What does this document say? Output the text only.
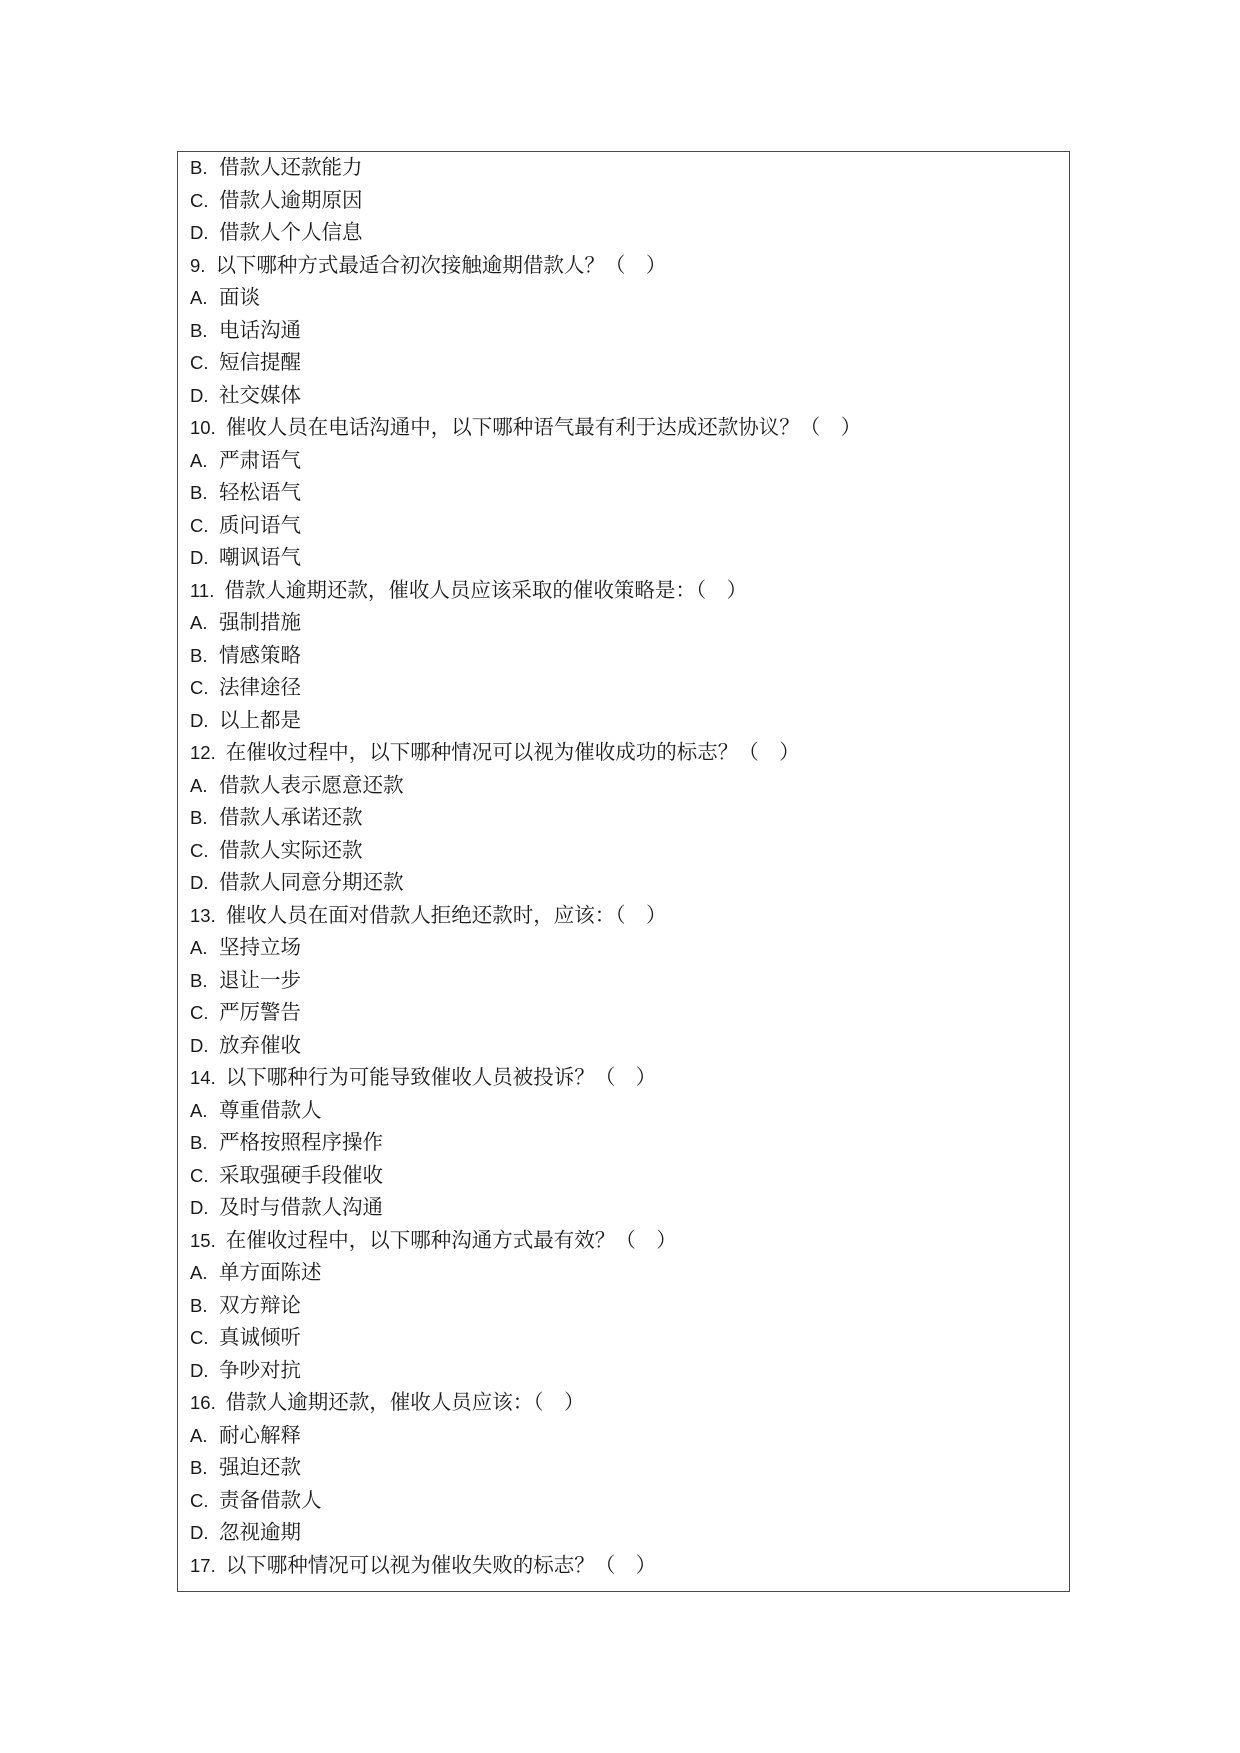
B. 借款人还款能力
C. 借款人逾期原因
D. 借款人个人信息
9. 以下哪种方式最适合初次接触逾期借款人？（　）
A. 面谈
B. 电话沟通
C. 短信提醒
D. 社交媒体
10. 催收人员在电话沟通中，以下哪种语气最有利于达成还款协议？（　）
A. 严肃语气
B. 轻松语气
C. 质问语气
D. 嘲讽语气
11. 借款人逾期还款，催收人员应该采取的催收策略是：（　）
A. 强制措施
B. 情感策略
C. 法律途径
D. 以上都是
12. 在催收过程中，以下哪种情况可以视为催收成功的标志？（　）
A. 借款人表示愿意还款
B. 借款人承诺还款
C. 借款人实际还款
D. 借款人同意分期还款
13. 催收人员在面对借款人拒绝还款时，应该：（　）
A. 坚持立场
B. 退让一步
C. 严厉警告
D. 放弃催收
14. 以下哪种行为可能导致催收人员被投诉？（　）
A. 尊重借款人
B. 严格按照程序操作
C. 采取强硬手段催收
D. 及时与借款人沟通
15. 在催收过程中，以下哪种沟通方式最有效？（　）
A. 单方面陈述
B. 双方辩论
C. 真诚倾听
D. 争吵对抗
16. 借款人逾期还款，催收人员应该：（　）
A. 耐心解释
B. 强迫还款
C. 责备借款人
D. 忽视逾期
17. 以下哪种情况可以视为催收失败的标志？（　）
